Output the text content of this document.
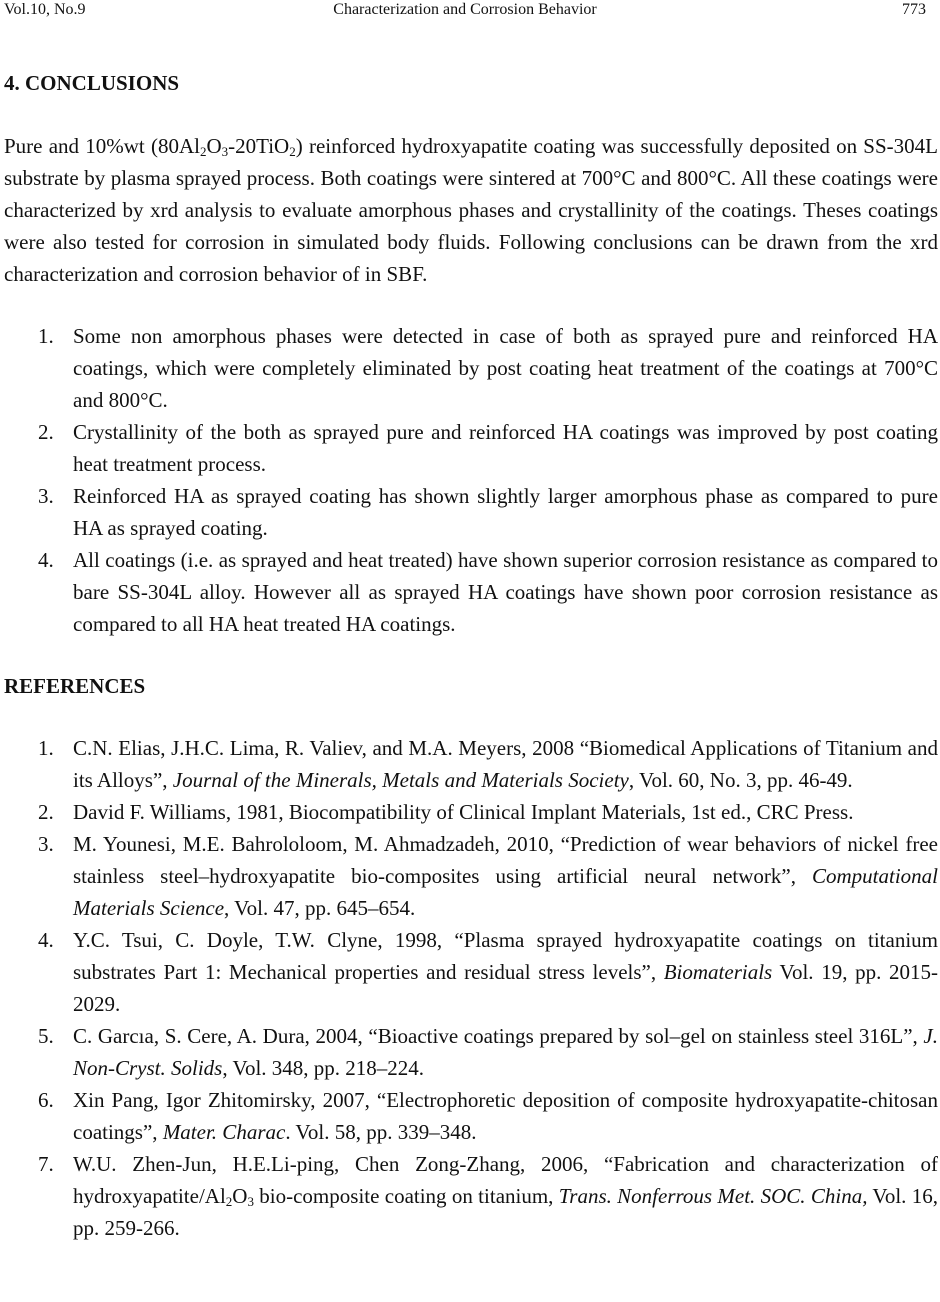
Vol.10, No.9	Characterization and Corrosion Behavior	773
4. CONCLUSIONS

Pure and 10%wt $(80Al_2O_3-20TiO_2)$ reinforced hydroxyapatite coating was successfully deposited on SS-304L substrate by plasma sprayed process. Both coatings were sintered at 700°C and 800°C. All these coatings were characterized by xrd analysis to evaluate amorphous phases and crystallinity of the coatings. Theses coatings were also tested for corrosion in simulated body fluids. Following conclusions can be drawn from the xrd characterization and corrosion behavior of in SBF.

1. Some non amorphous phases were detected in case of both as sprayed pure and reinforced HA coatings, which were completely eliminated by post coating heat treatment of the coatings at 700°C and 800°C.
2. Crystallinity of the both as sprayed pure and reinforced HA coatings was improved by post coating heat treatment process.
3. Reinforced HA as sprayed coating has shown slightly larger amorphous phase as compared to pure HA as sprayed coating.
4. All coatings (i.e. as sprayed and heat treated) have shown superior corrosion resistance as compared to bare SS-304L alloy. However all as sprayed HA coatings have shown poor corrosion resistance as compared to all HA heat treated HA coatings.
REFERENCES
1. C.N. Elias, J.H.C. Lima, R. Valiev, and M.A. Meyers, 2008 “Biomedical Applications of Titanium and its Alloys”, Journal of the Minerals, Metals and Materials Society, Vol. 60, No. 3, pp. 46-49.
2. David F. Williams, 1981, Biocompatibility of Clinical Implant Materials, 1st ed., CRC Press.
3. M. Younesi, M.E. Bahrololoom, M. Ahmadzadeh, 2010, “Prediction of wear behaviors of nickel free stainless steel–hydroxyapatite bio-composites using artificial neural network”, Computational Materials Science, Vol. 47, pp. 645–654.
4. Y.C. Tsui, C. Doyle, T.W. Clyne, 1998, “Plasma sprayed hydroxyapatite coatings on titanium substrates Part 1: Mechanical properties and residual stress levels”, Biomaterials Vol. 19, pp. 2015-2029.
5. C. Garcıa, S. Cere, A. Dura, 2004, “Bioactive coatings prepared by sol–gel on stainless steel 316L”, J. Non-Cryst. Solids, Vol. 348, pp. 218–224.
6. Xin Pang, Igor Zhitomirsky, 2007, “Electrophoretic deposition of composite hydroxyapatite-chitosan coatings”, Mater. Charac. Vol. 58, pp. 339–348.
7. W.U. Zhen-Jun, H.E.Li-ping, Chen Zong-Zhang, 2006, “Fabrication and characterization of hydroxyapatite/$Al_2O_3$ bio-composite coating on titanium, Trans. Nonferrous Met. SOC. China, Vol. 16, pp. 259-266.
